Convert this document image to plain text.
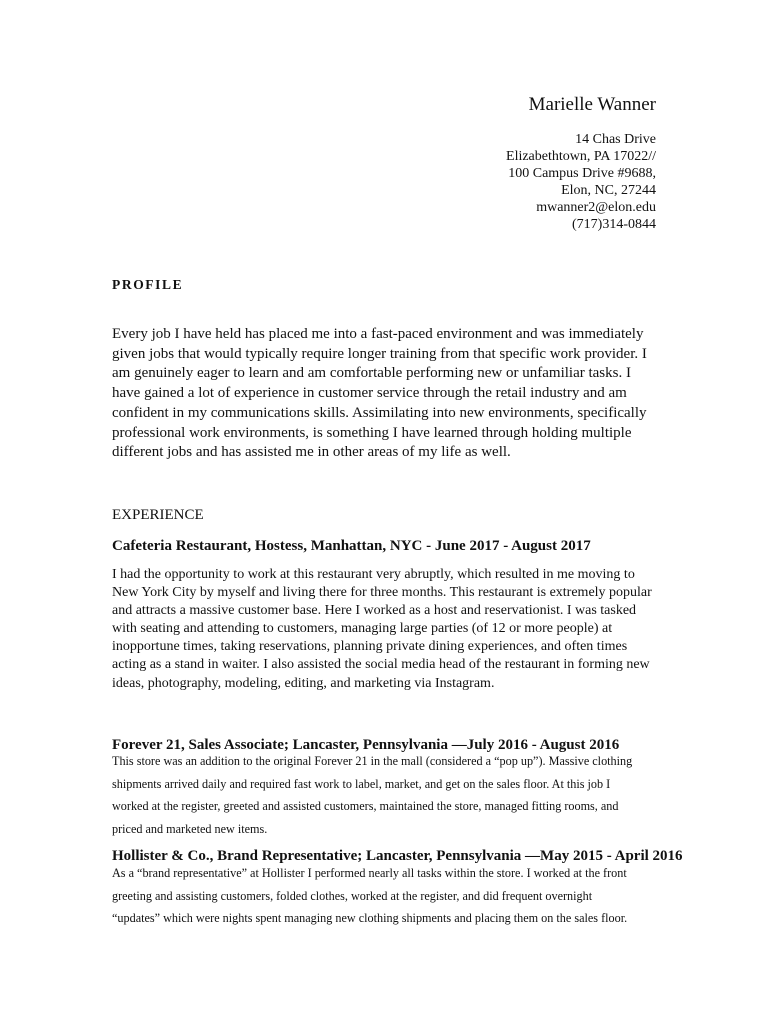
Marielle Wanner
14 Chas Drive
Elizabethtown, PA 17022//
100 Campus Drive #9688,
Elon, NC, 27244
mwanner2@elon.edu
(717)314-0844
PROFILE
Every job I have held has placed me into a fast-paced environment and was immediately
given jobs that would typically require longer training from that specific work provider. I
am genuinely eager to learn and am comfortable performing new or unfamiliar tasks. I
have gained a lot of experience in customer service through the retail industry and am
confident in my communications skills. Assimilating into new environments, specifically
professional work environments, is something I have learned through holding multiple
different jobs and has assisted me in other areas of my life as well.
EXPERIENCE
Cafeteria Restaurant, Hostess, Manhattan, NYC - June 2017 - August 2017
I had the opportunity to work at this restaurant very abruptly, which resulted in me moving to
New York City by myself and living there for three months. This restaurant is extremely popular
and attracts a massive customer base. Here I worked as a host and reservationist. I was tasked
with seating and attending to customers, managing large parties (of 12 or more people) at
inopportune times, taking reservations, planning private dining experiences, and often times
acting as a stand in waiter. I also assisted the social media head of the restaurant in forming new
ideas, photography, modeling, editing, and marketing via Instagram.
Forever 21, Sales Associate; Lancaster, Pennsylvania —July 2016 - August 2016
This store was an addition to the original Forever 21 in the mall (considered a “pop up”). Massive clothing
shipments arrived daily and required fast work to label, market, and get on the sales floor. At this job I
worked at the register, greeted and assisted customers, maintained the store, managed fitting rooms, and
priced and marketed new items.
Hollister & Co., Brand Representative; Lancaster, Pennsylvania —May 2015 - April 2016
As a “brand representative” at Hollister I performed nearly all tasks within the store. I worked at the front
greeting and assisting customers, folded clothes, worked at the register, and did frequent overnight
“updates” which were nights spent managing new clothing shipments and placing them on the sales floor.
